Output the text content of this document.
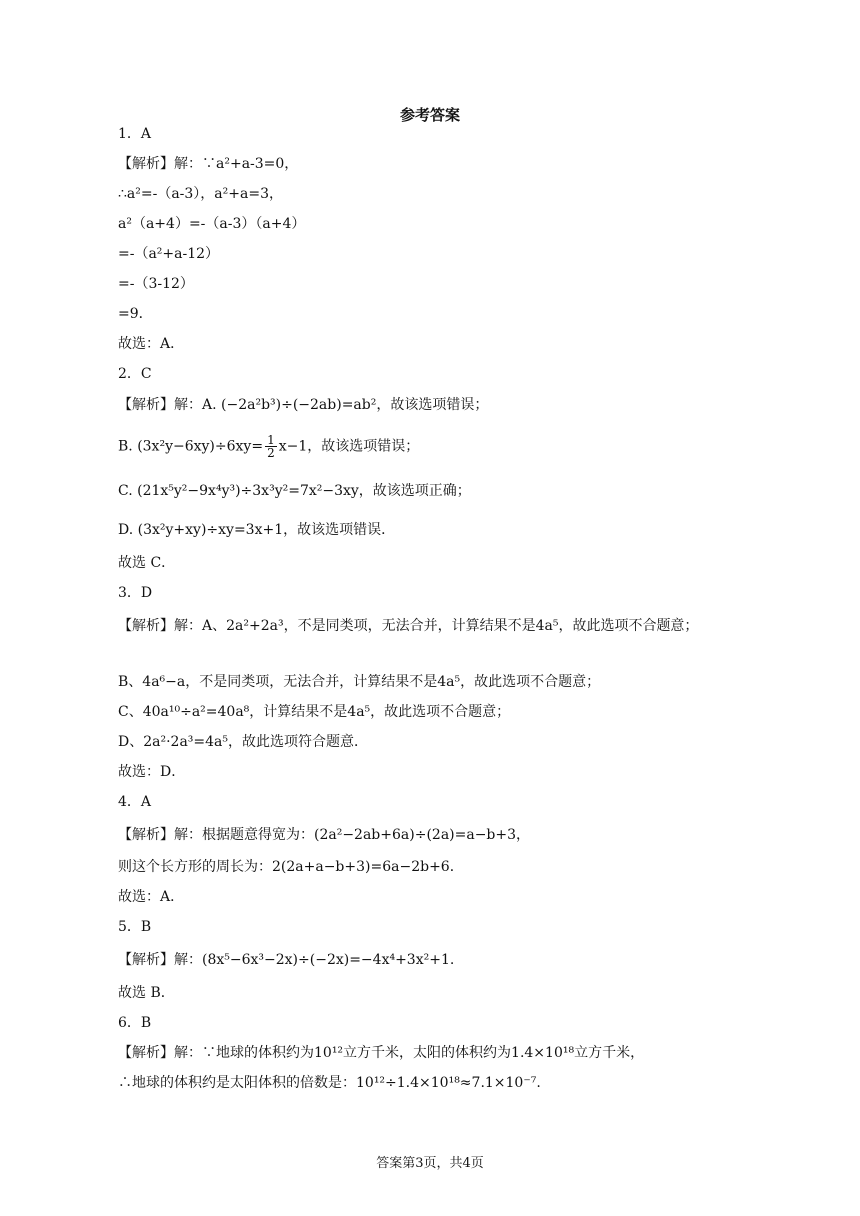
参考答案
1．A
【解析】解：∵a²+a-3=0，
∴a²=-（a-3），a²+a=3，
a²（a+4）=-（a-3）（a+4）
=-（a²+a-12）
=-（3-12）
=9．
故选：A．
2．C
【解析】解：A. (−2a²b³)÷(−2ab)=ab²，故该选项错误；
B. $(3x^2y-6xy)\div 6xy= \frac{1}{2} x-1$，故该选项错误；
C. (21x⁵y²−9x⁴y³)÷3x³y²=7x²−3xy，故该选项正确；
D. (3x²y+xy)÷xy=3x+1，故该选项错误．
故选 C．
3．D
【解析】解：A、2a²+2a³，不是同类项，无法合并，计算结果不是4a⁵，故此选项不合题意；
B、4a⁶−a，不是同类项，无法合并，计算结果不是4a⁵，故此选项不合题意；
C、40a¹⁰÷a²=40a⁸，计算结果不是4a⁵，故此选项不合题意；
D、2a²·2a³=4a⁵，故此选项符合题意．
故选：D．
4．A
【解析】解：根据题意得宽为：(2a²−2ab+6a)÷(2a)=a−b+3，
则这个长方形的周长为：2(2a+a−b+3)=6a−2b+6．
故选：A．
5．B
【解析】解：(8x⁵−6x³−2x)÷(−2x)=−4x⁴+3x²+1.
故选 B．
6．B
【解析】解：∵地球的体积约为10¹²立方千米，太阳的体积约为1.4×10¹⁸立方千米，
∴地球的体积约是太阳体积的倍数是：10¹²÷1.4×10¹⁸≈7.1×10⁻⁷.
答案第3页，共4页
